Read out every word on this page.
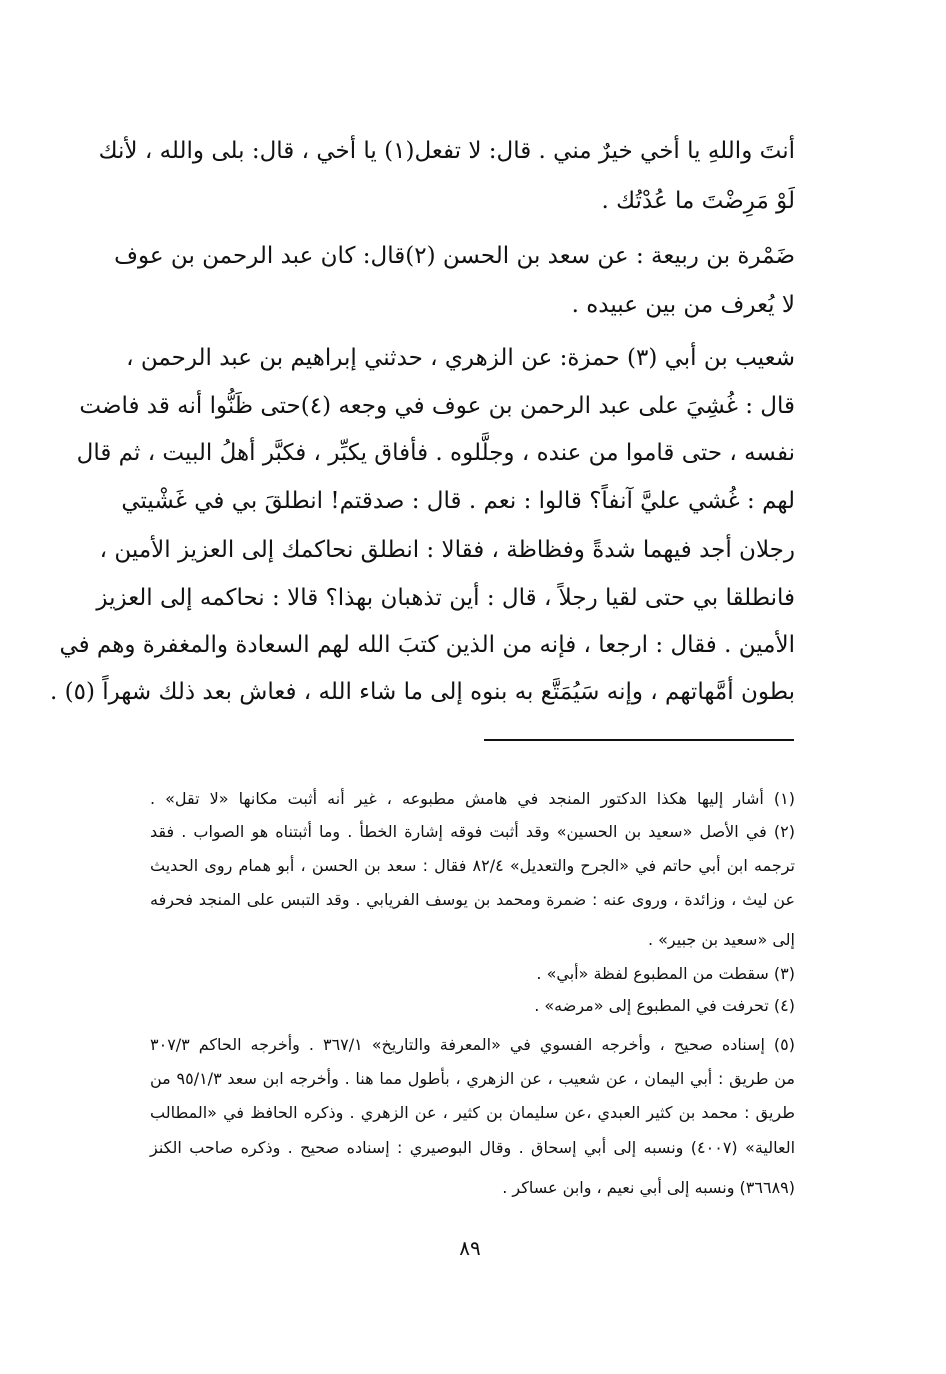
أنتَ واللهِ يا أخي خيرٌ مني . قال: لا تفعل(١) يا أخي ، قال: بلى والله ، لأنك
لَوْ مَرِضْتَ ما عُدْتُك .
ضَمْرة بن ربيعة : عن سعد بن الحسن (٢)قال: كان عبد الرحمن بن عوف
لا يُعرف من بين عبيده .
شعيب بن أبي (٣) حمزة: عن الزهري ، حدثني إبراهيم بن عبد الرحمن ،
قال : غُشِيَ على عبد الرحمن بن عوف في وجعه (٤)حتى ظَنُّوا أنه قد فاضت
نفسه ، حتى قاموا من عنده ، وجلَّلوه . فأفاق يكبِّر ، فكبَّر أهلُ البيت ، ثم قال
لهم : غُشي عليَّ آنفاً؟ قالوا : نعم . قال : صدقتم! انطلقَ بي في غَشْيتي
رجلان أجد فيهما شدةً وفظاظة ، فقالا : انطلق نحاكمك إلى العزيز الأمين ،
فانطلقا بي حتى لقيا رجلاً ، قال : أين تذهبان بهذا؟ قالا : نحاكمه إلى العزيز
الأمين . فقال : ارجعا ، فإنه من الذين كتبَ الله لهم السعادة والمغفرة وهم في
بطون أمَّهاتهم ، وإنه سَيُمَتَّع به بنوه إلى ما شاء الله ، فعاش بعد ذلك شهراً (٥) .
(١) أشار إليها هكذا الدكتور المنجد في هامش مطبوعه ، غير أنه أثبت مكانها «لا تقل» .
(٢) في الأصل «سعيد بن الحسين» وقد أثبت فوقه إشارة الخطأ . وما أثبتناه هو الصواب . فقد
ترجمه ابن أبي حاتم في «الجرح والتعديل» ٨٢/٤ فقال : سعد بن الحسن ، أبو همام روى الحديث
عن ليث ، وزائدة ، وروى عنه : ضمرة ومحمد بن يوسف الفريابي . وقد التبس على المنجد فحرفه
إلى «سعيد بن جبير» .
(٣) سقطت من المطبوع لفظة «أبي» .
(٤) تحرفت في المطبوع إلى «مرضه» .
(٥) إسناده صحيح ، وأخرجه الفسوي في «المعرفة والتاريخ» ٣٦٧/١ . وأخرجه الحاكم ٣٠٧/٣
من طريق : أبي اليمان ، عن شعيب ، عن الزهري ، بأطول مما هنا . وأخرجه ابن سعد ٩٥/١/٣ من
طريق : محمد بن كثير العبدي ،عن سليمان بن كثير ، عن الزهري . وذكره الحافظ في «المطالب
العالية» (٤٠٠٧) ونسبه إلى أبي إسحاق . وقال البوصيري : إسناده صحيح . وذكره صاحب الكنز
(٣٦٦٨٩) ونسبه إلى أبي نعيم ، وابن عساكر .
٨٩
